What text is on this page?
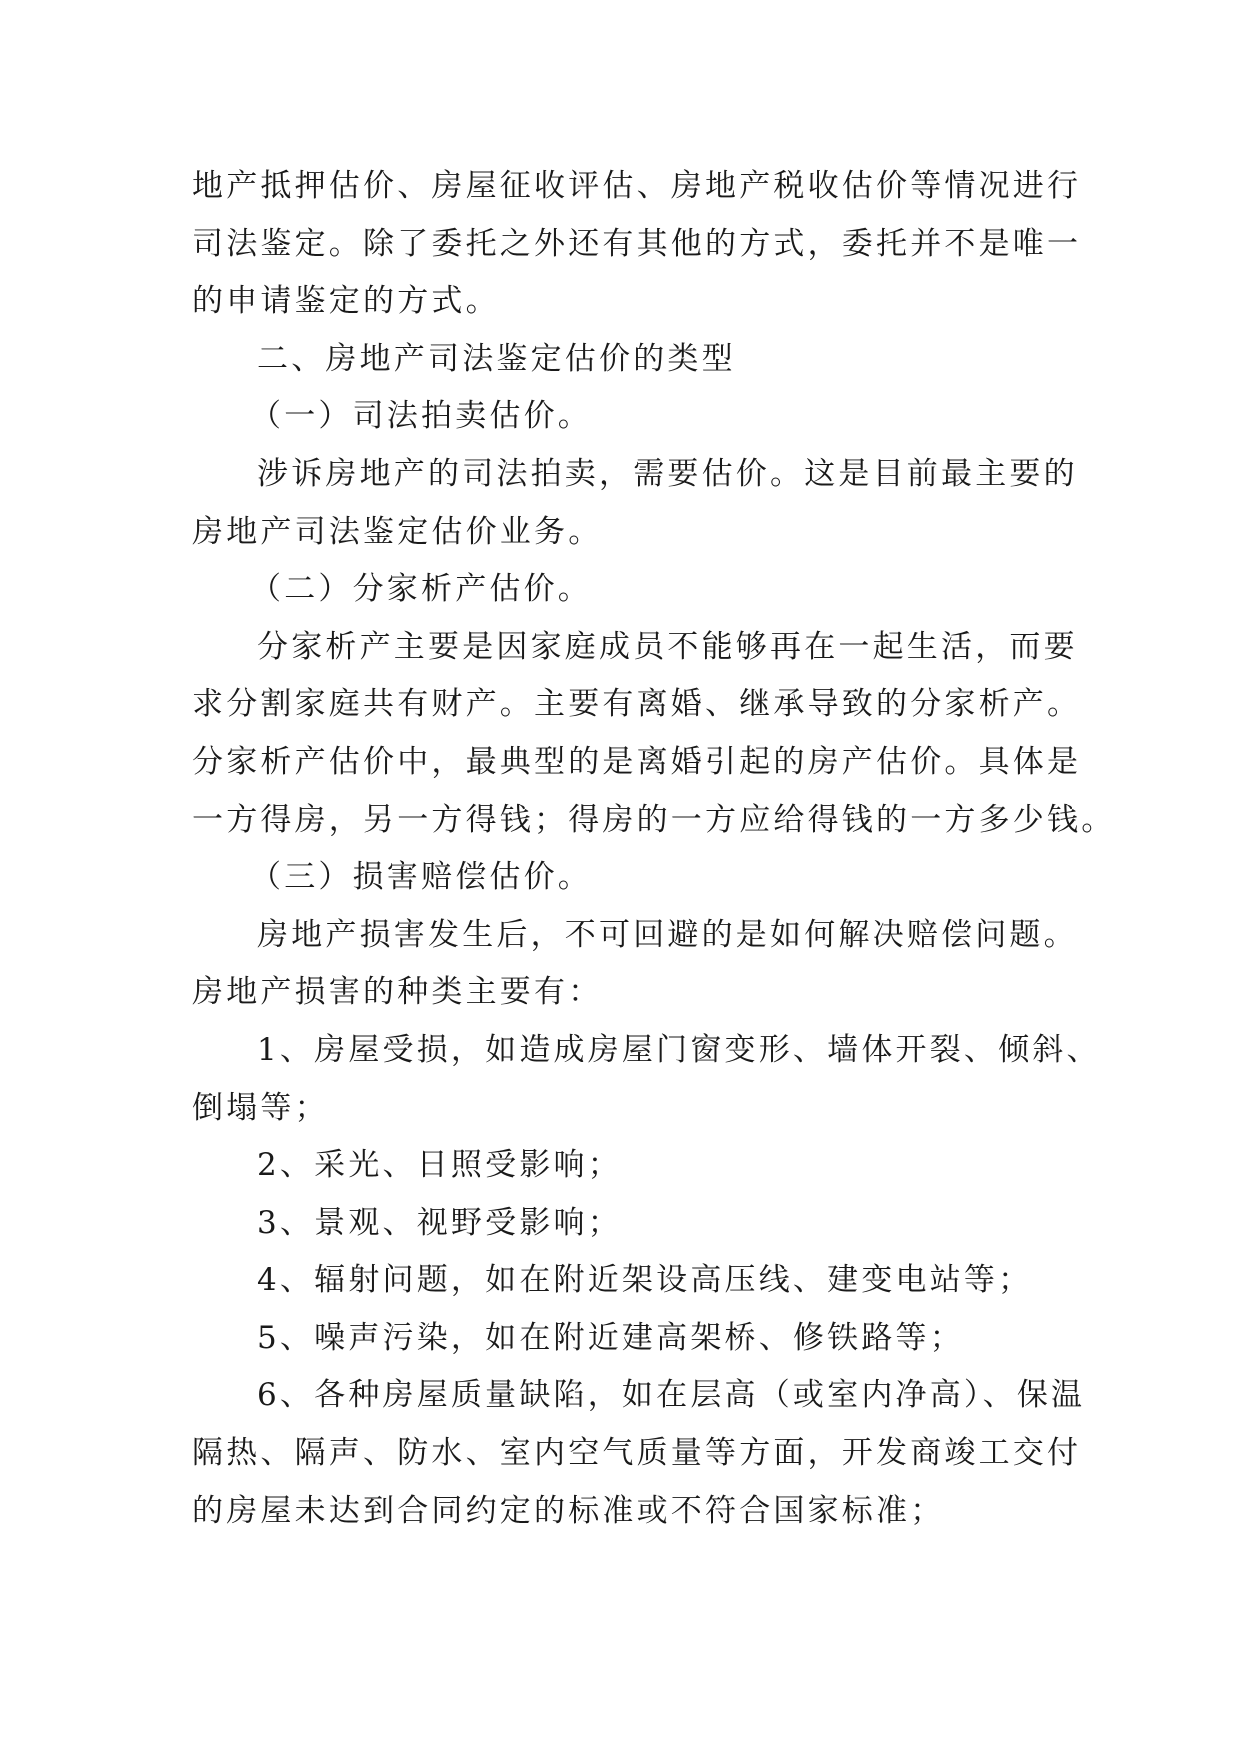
地产抵押估价、房屋征收评估、房地产税收估价等情况进行
司法鉴定。除了委托之外还有其他的方式，委托并不是唯一
的申请鉴定的方式。
二、房地产司法鉴定估价的类型
（一）司法拍卖估价。
涉诉房地产的司法拍卖，需要估价。这是目前最主要的
房地产司法鉴定估价业务。
（二）分家析产估价。
分家析产主要是因家庭成员不能够再在一起生活，而要
求分割家庭共有财产。主要有离婚、继承导致的分家析产。
分家析产估价中，最典型的是离婚引起的房产估价。具体是
一方得房，另一方得钱；得房的一方应给得钱的一方多少钱。
（三）损害赔偿估价。
房地产损害发生后，不可回避的是如何解决赔偿问题。
房地产损害的种类主要有：
1、房屋受损，如造成房屋门窗变形、墙体开裂、倾斜、
倒塌等；
2、采光、日照受影响；
3、景观、视野受影响；
4、辐射问题，如在附近架设高压线、建变电站等；
5、噪声污染，如在附近建高架桥、修铁路等；
6、各种房屋质量缺陷，如在层高（或室内净高）、保温
隔热、隔声、防水、室内空气质量等方面，开发商竣工交付
的房屋未达到合同约定的标准或不符合国家标准；
